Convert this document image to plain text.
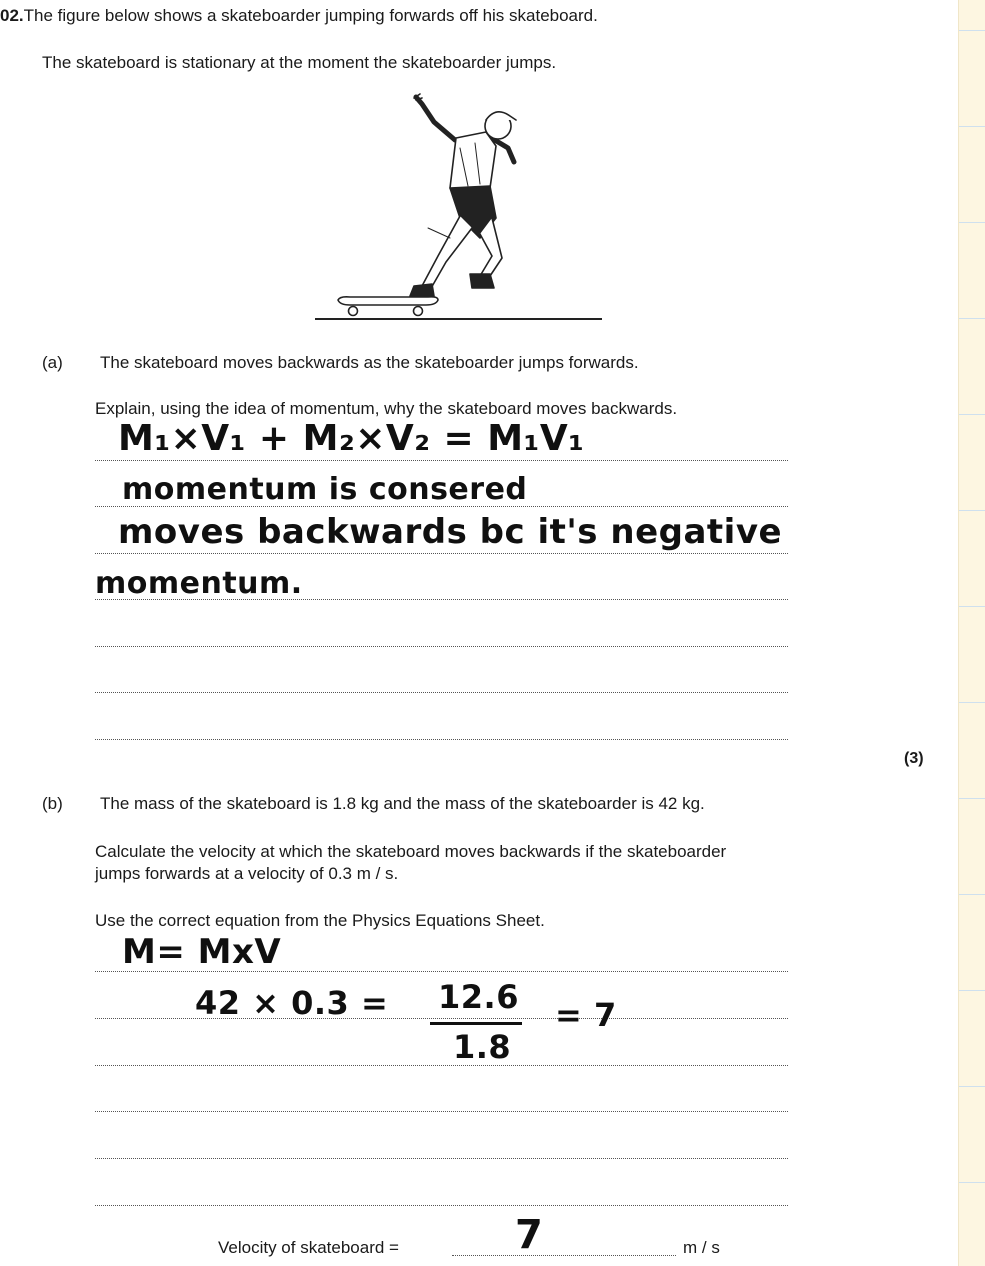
02.The figure below shows a skateboarder jumping forwards off his skateboard.
The skateboard is stationary at the moment the skateboarder jumps.
(a) The skateboard moves backwards as the skateboarder jumps forwards.
Explain, using the idea of momentum, why the skateboard moves backwards.
M₁×V₁ + M₂×V₂ = M₁V₁
momentum is consered
moves backwards bc it's negative
momentum.
(3)
(b) The mass of the skateboard is 1.8 kg and the mass of the skateboarder is 42 kg.
Calculate the velocity at which the skateboard moves backwards if the skateboarder
jumps forwards at a velocity of 0.3 m / s.
Use the correct equation from the Physics Equations Sheet.
M= MxV
42 × 0.3 = 12.6
1.8
= 7
Velocity of skateboard =	7	m / s
